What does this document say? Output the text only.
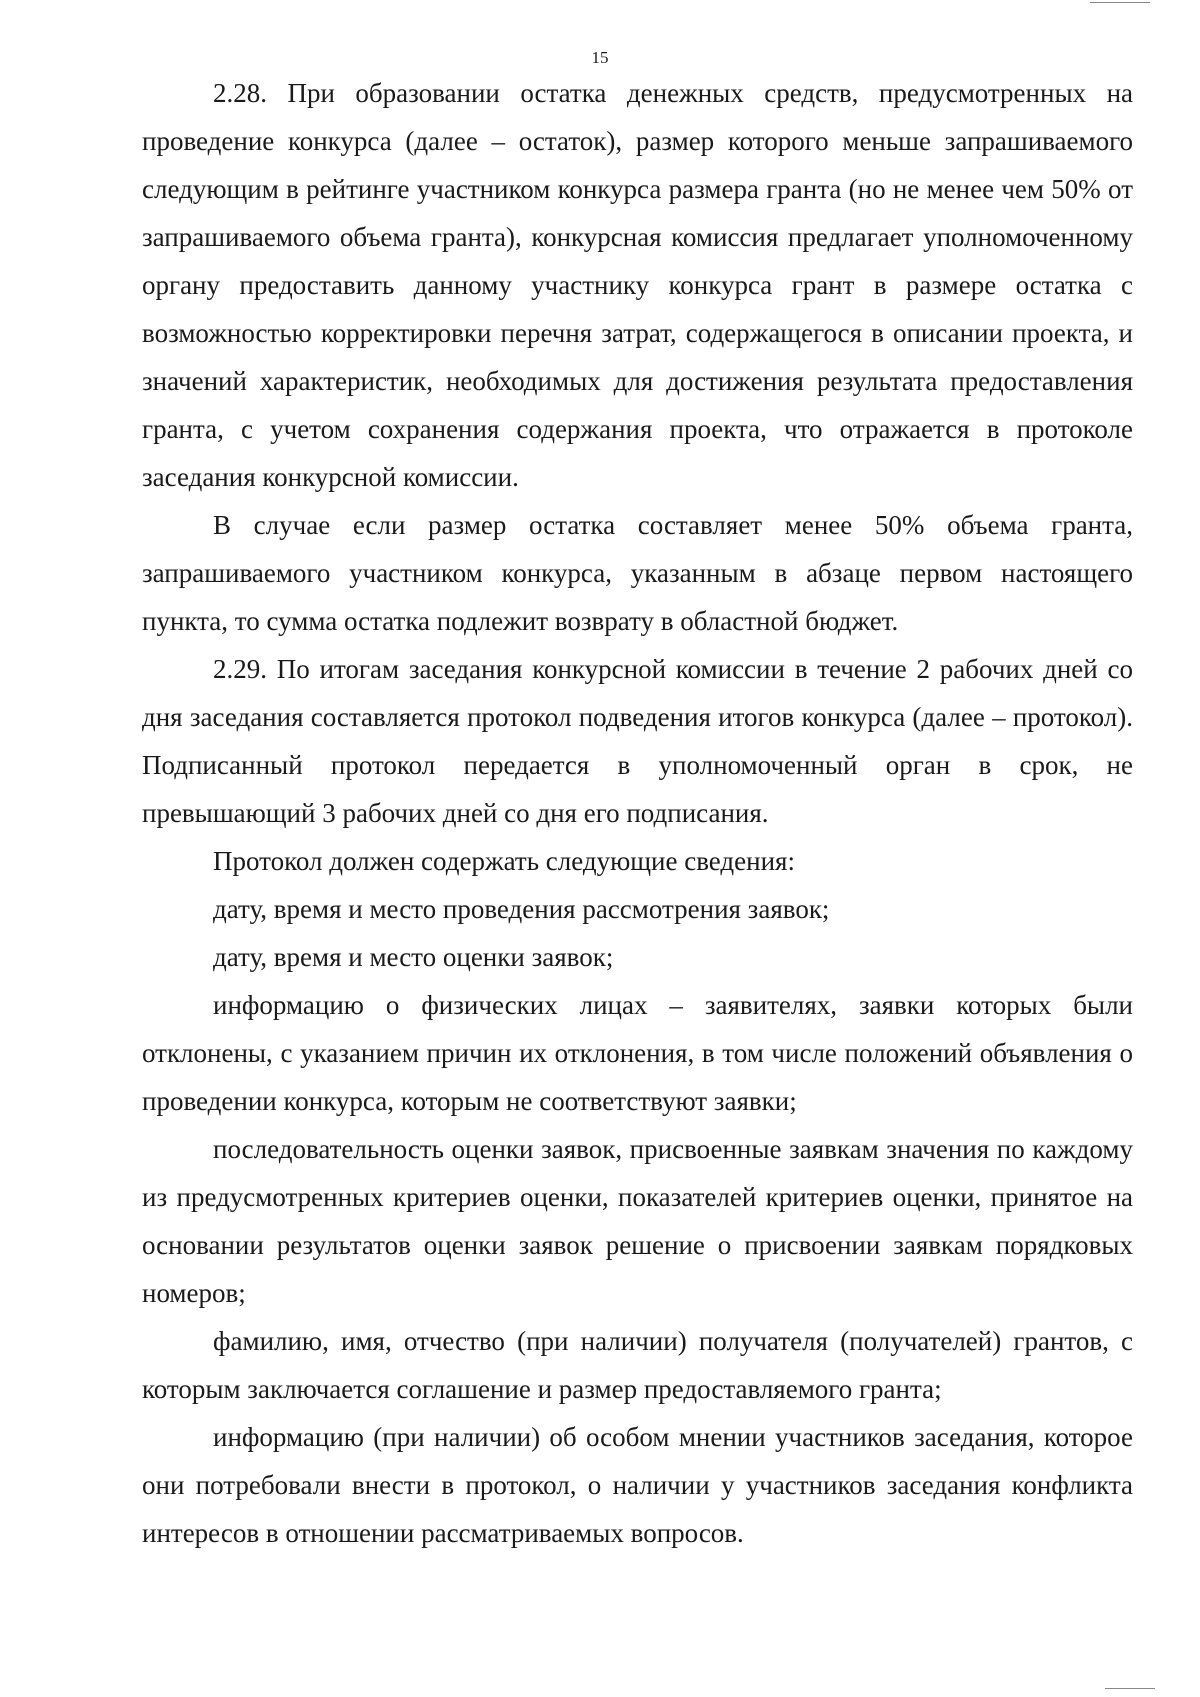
15

2.28. При образовании остатка денежных средств, предусмотренных на проведение конкурса (далее – остаток), размер которого меньше запрашиваемого следующим в рейтинге участником конкурса размера гранта (но не менее чем 50% от запрашиваемого объема гранта), конкурсная комиссия предлагает уполномоченному органу предоставить данному участнику конкурса грант в размере остатка с возможностью корректировки перечня затрат, содержащегося в описании проекта, и значений характеристик, необходимых для достижения результата предоставления гранта, с учетом сохранения содержания проекта, что отражается в протоколе заседания конкурсной комиссии.

В случае если размер остатка составляет менее 50% объема гранта, запрашиваемого участником конкурса, указанным в абзаце первом настоящего пункта, то сумма остатка подлежит возврату в областной бюджет.

2.29. По итогам заседания конкурсной комиссии в течение 2 рабочих дней со дня заседания составляется протокол подведения итогов конкурса (далее – протокол). Подписанный протокол передается в уполномоченный орган в срок, не превышающий 3 рабочих дней со дня его подписания.

Протокол должен содержать следующие сведения:

дату, время и место проведения рассмотрения заявок;

дату, время и место оценки заявок;

информацию о физических лицах – заявителях, заявки которых были отклонены, с указанием причин их отклонения, в том числе положений объявления о проведении конкурса, которым не соответствуют заявки;

последовательность оценки заявок, присвоенные заявкам значения по каждому из предусмотренных критериев оценки, показателей критериев оценки, принятое на основании результатов оценки заявок решение о присвоении заявкам порядковых номеров;

фамилию, имя, отчество (при наличии) получателя (получателей) грантов, с которым заключается соглашение и размер предоставляемого гранта;

информацию (при наличии) об особом мнении участников заседания, которое они потребовали внести в протокол, о наличии у участников заседания конфликта интересов в отношении рассматриваемых вопросов.
